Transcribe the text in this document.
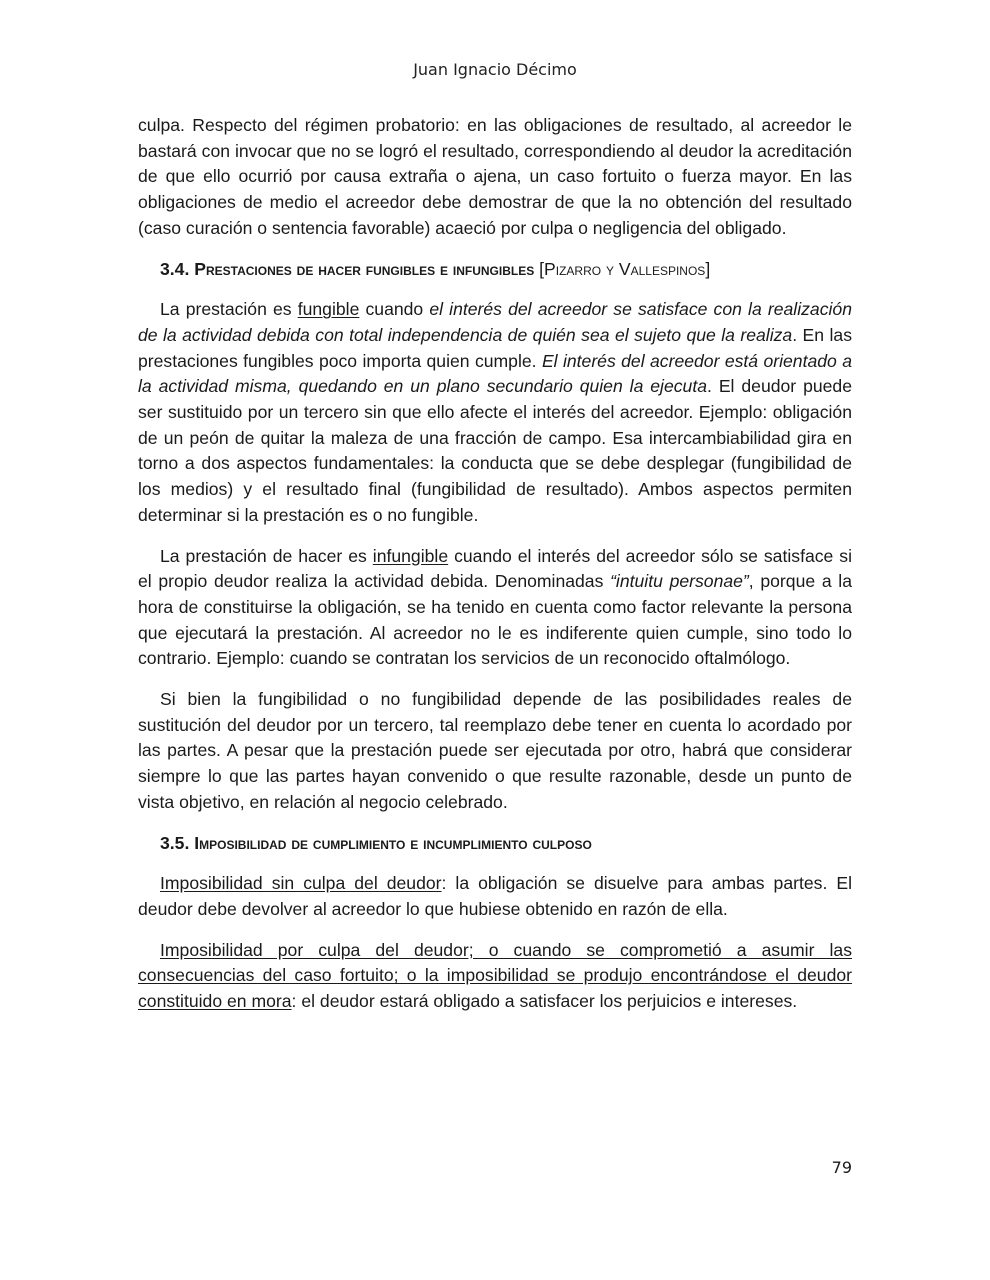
Juan Ignacio Décimo

culpa. Respecto del régimen probatorio: en las obligaciones de resultado, al acreedor le bastará con invocar que no se logró el resultado, correspondiendo al deudor la acreditación de que ello ocurrió por causa extraña o ajena, un caso fortuito o fuerza mayor. En las obligaciones de medio el acreedor debe demostrar de que la no obtención del resultado (caso curación o sentencia favorable) acaeció por culpa o negligencia del obligado.

3.4. Prestaciones de hacer fungibles e infungibles [Pizarro y Vallespinos]

La prestación es fungible cuando el interés del acreedor se satisface con la realización de la actividad debida con total independencia de quién sea el sujeto que la realiza. En las prestaciones fungibles poco importa quien cumple. El interés del acreedor está orientado a la actividad misma, quedando en un plano secundario quien la ejecuta. El deudor puede ser sustituido por un tercero sin que ello afecte el interés del acreedor. Ejemplo: obligación de un peón de quitar la maleza de una fracción de campo. Esa intercambiabilidad gira en torno a dos aspectos fundamentales: la conducta que se debe desplegar (fungibilidad de los medios) y el resultado final (fungibilidad de resultado). Ambos aspectos permiten determinar si la prestación es o no fungible.

La prestación de hacer es infungible cuando el interés del acreedor sólo se satisface si el propio deudor realiza la actividad debida. Denominadas “intuitu personae”, porque a la hora de constituirse la obligación, se ha tenido en cuenta como factor relevante la persona que ejecutará la prestación. Al acreedor no le es indiferente quien cumple, sino todo lo contrario. Ejemplo: cuando se contratan los servicios de un reconocido oftalmólogo.

Si bien la fungibilidad o no fungibilidad depende de las posibilidades reales de sustitución del deudor por un tercero, tal reemplazo debe tener en cuenta lo acordado por las partes. A pesar que la prestación puede ser ejecutada por otro, habrá que considerar siempre lo que las partes hayan convenido o que resulte razonable, desde un punto de vista objetivo, en relación al negocio celebrado.

3.5. Imposibilidad de cumplimiento e incumplimiento culposo

Imposibilidad sin culpa del deudor: la obligación se disuelve para ambas partes. El deudor debe devolver al acreedor lo que hubiese obtenido en razón de ella.

Imposibilidad por culpa del deudor; o cuando se comprometió a asumir las consecuencias del caso fortuito; o la imposibilidad se produjo encontrándose el deudor constituido en mora: el deudor estará obligado a satisfacer los perjuicios e intereses.

79
